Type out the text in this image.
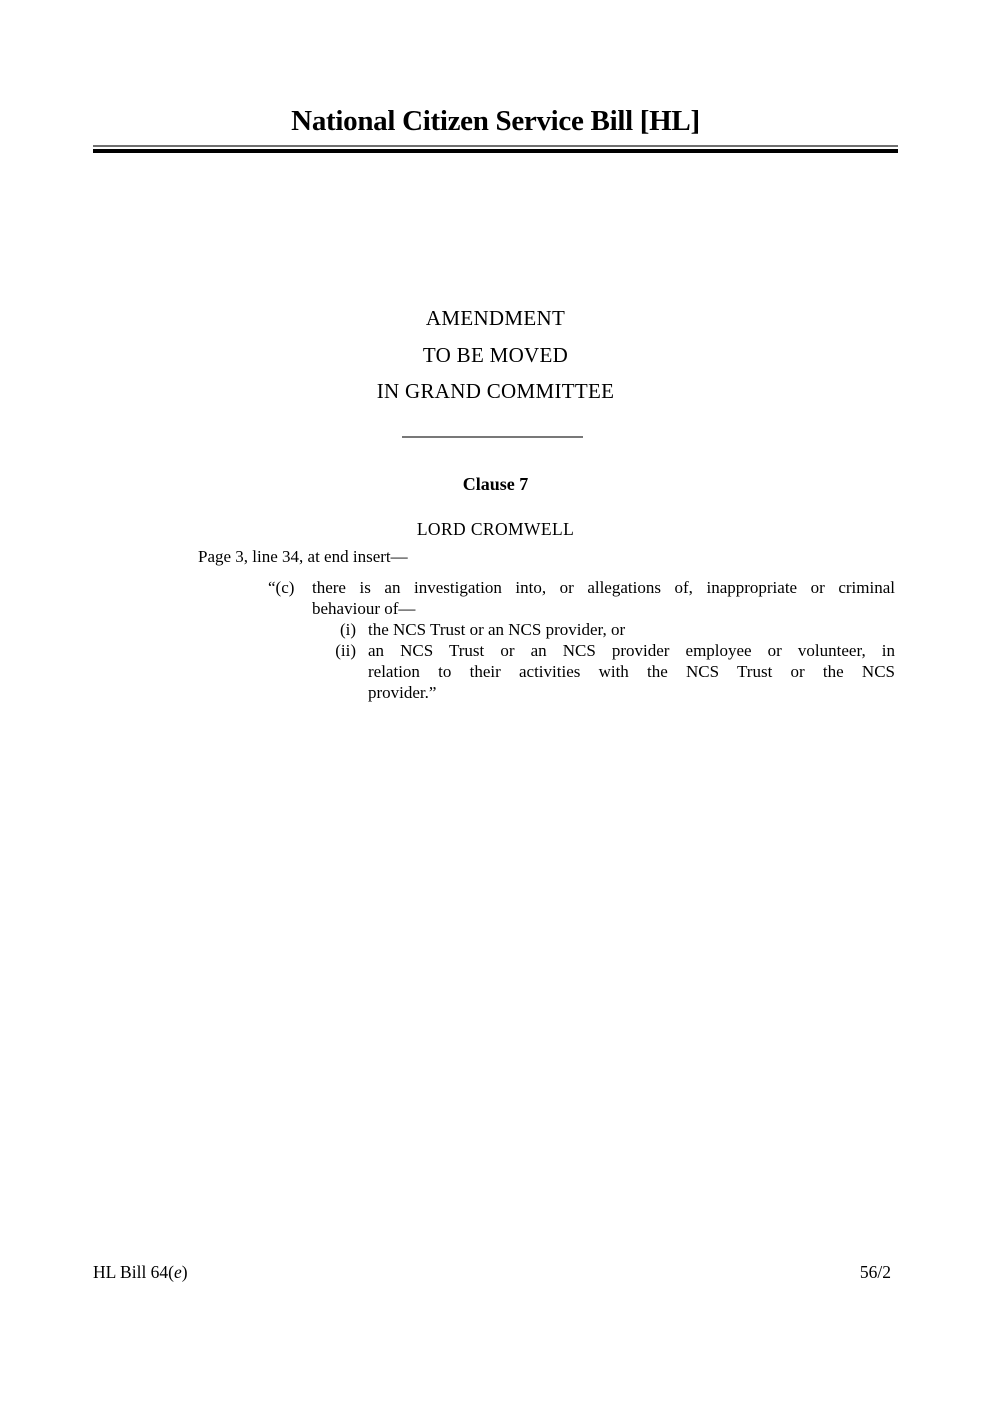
National Citizen Service Bill [HL]
AMENDMENT
TO BE MOVED
IN GRAND COMMITTEE
Clause 7
LORD CROMWELL
Page 3, line 34, at end insert—
“(c)	there is an investigation into, or allegations of, inappropriate or criminal
behaviour of—
(i) the NCS Trust or an NCS provider, or
(ii) an NCS Trust or an NCS provider employee or volunteer, in
relation to their activities with the NCS Trust or the NCS
provider.”
HL Bill 64(e)	56/2
